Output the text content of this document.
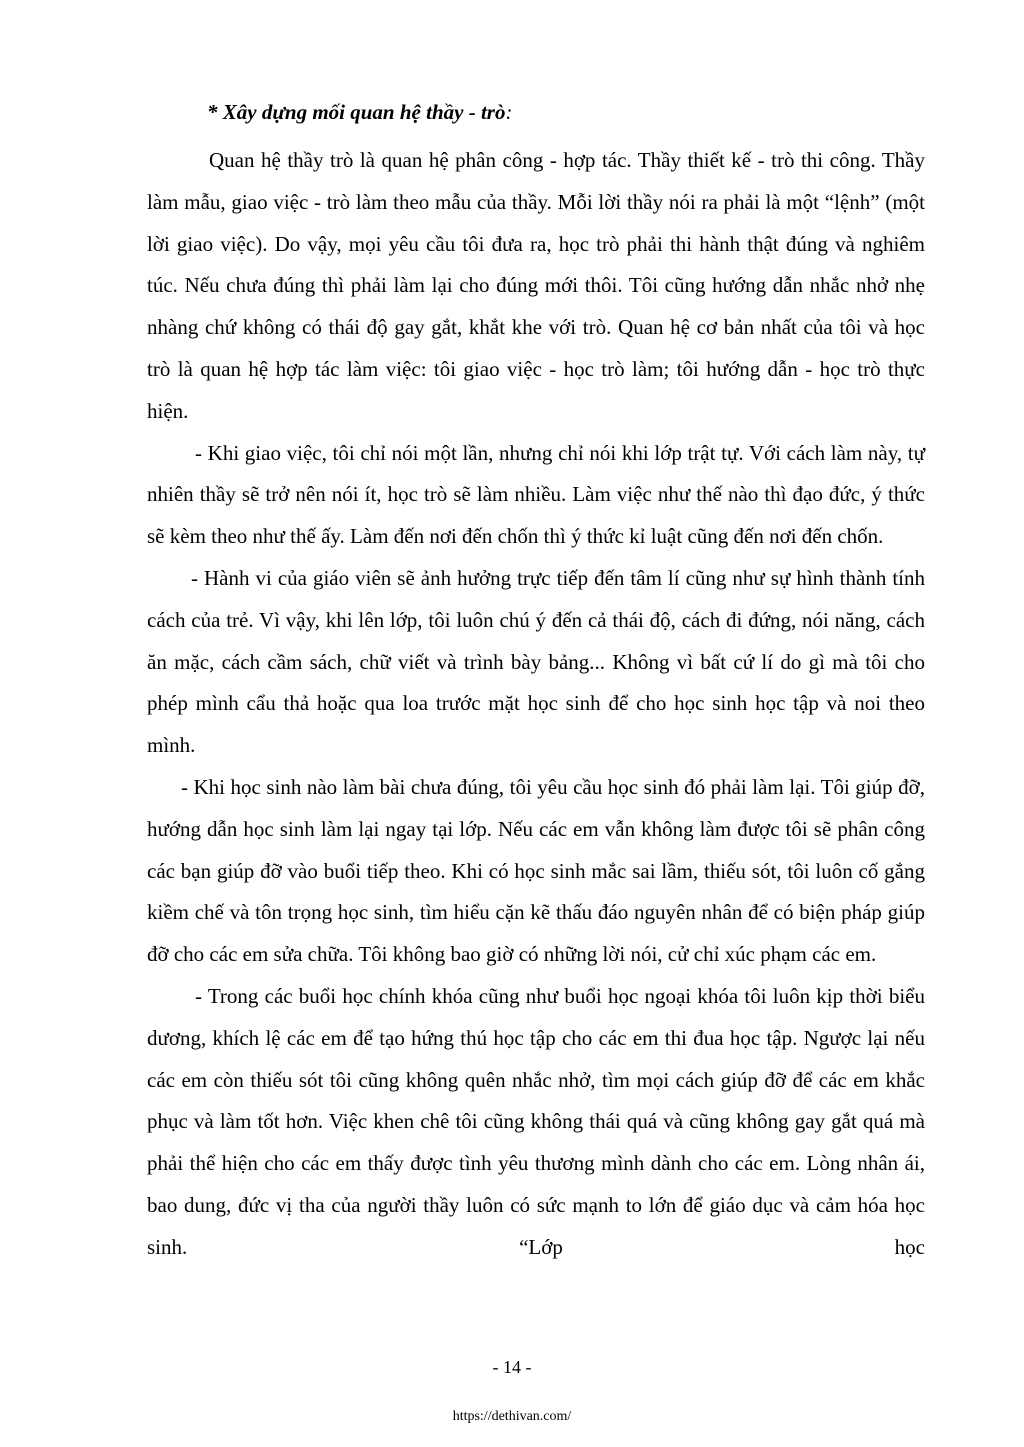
* Xây dựng mối quan hệ thầy - trò:

Quan hệ thầy trò là quan hệ phân công - hợp tác. Thầy thiết kế - trò thi công. Thầy làm mẫu, giao việc - trò làm theo mẫu của thầy. Mỗi lời thầy nói ra phải là một “lệnh” (một lời giao việc). Do vậy, mọi yêu cầu tôi đưa ra, học trò phải thi hành thật đúng và nghiêm túc. Nếu chưa đúng thì phải làm lại cho đúng mới thôi. Tôi cũng hướng dẫn nhắc nhở nhẹ nhàng chứ không có thái độ gay gắt, khắt khe với trò. Quan hệ cơ bản nhất của tôi và học trò là quan hệ hợp tác làm việc: tôi giao việc - học trò làm; tôi hướng dẫn - học trò thực hiện.

- Khi giao việc, tôi chỉ nói một lần, nhưng chỉ nói khi lớp trật tự. Với cách làm này, tự nhiên thầy sẽ trở nên nói ít, học trò sẽ làm nhiều. Làm việc như thế nào thì đạo đức, ý thức sẽ kèm theo như thế ấy. Làm đến nơi đến chốn thì ý thức kỉ luật cũng đến nơi đến chốn.

- Hành vi của giáo viên sẽ ảnh hưởng trực tiếp đến tâm lí cũng như sự hình thành tính cách của trẻ. Vì vậy, khi lên lớp, tôi luôn chú ý đến cả thái độ, cách đi đứng, nói năng, cách ăn mặc, cách cầm sách, chữ viết và trình bày bảng... Không vì bất cứ lí do gì mà tôi cho phép mình cẩu thả hoặc qua loa trước mặt học sinh để cho học sinh học tập và noi theo mình.

- Khi học sinh nào làm bài chưa đúng, tôi yêu cầu học sinh đó phải làm lại. Tôi giúp đỡ, hướng dẫn học sinh làm lại ngay tại lớp. Nếu các em vẫn không làm được tôi sẽ phân công các bạn giúp đỡ vào buổi tiếp theo. Khi có học sinh mắc sai lầm, thiếu sót, tôi luôn cố gắng kiềm chế và tôn trọng học sinh, tìm hiểu cặn kẽ thấu đáo nguyên nhân để có biện pháp giúp đỡ cho các em sửa chữa. Tôi không bao giờ có những lời nói, cử chỉ xúc phạm các em.

- Trong các buổi học chính khóa cũng như buổi học ngoại khóa tôi luôn kịp thời biểu dương, khích lệ các em để tạo hứng thú học tập cho các em thi đua học tập. Ngược lại nếu các em còn thiếu sót tôi cũng không quên nhắc nhở, tìm mọi cách giúp đỡ để các em khắc phục và làm tốt hơn. Việc khen chê tôi cũng không thái quá và cũng không gay gắt quá mà phải thể hiện cho các em thấy được tình yêu thương mình dành cho các em. Lòng nhân ái, bao dung, đức vị tha của người thầy luôn có sức mạnh to lớn để giáo dục và cảm hóa học sinh. “Lớp học

- 14 -
https://dethivan.com/
